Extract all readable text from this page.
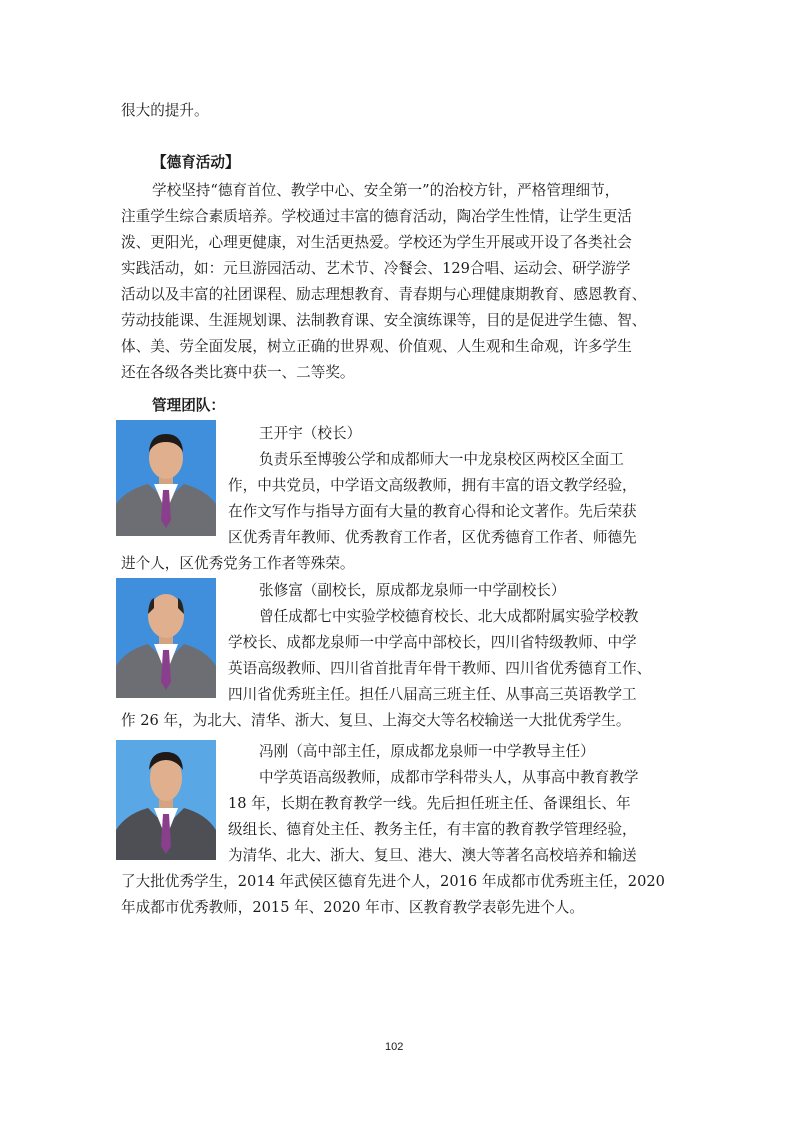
很大的提升。
【德育活动】
学校坚持“德育首位、教学中心、安全第一”的治校方针，严格管理细节，
注重学生综合素质培养。学校通过丰富的德育活动，陶冶学生性情，让学生更活
泼、更阳光，心理更健康，对生活更热爱。学校还为学生开展或开设了各类社会
实践活动，如：元旦游园活动、艺术节、冷餐会、129合唱、运动会、研学游学
活动以及丰富的社团课程、励志理想教育、青春期与心理健康期教育、感恩教育、
劳动技能课、生涯规划课、法制教育课、安全演练课等，目的是促进学生德、智、
体、美、劳全面发展，树立正确的世界观、价值观、人生观和生命观，许多学生
还在各级各类比赛中获一、二等奖。
管理团队：
王开宇（校长）
负责乐至博骏公学和成都师大一中龙泉校区两校区全面工
作，中共党员，中学语文高级教师，拥有丰富的语文教学经验，
在作文写作与指导方面有大量的教育心得和论文著作。先后荣获
区优秀青年教师、优秀教育工作者，区优秀德育工作者、师德先
进个人，区优秀党务工作者等殊荣。
张修富（副校长，原成都龙泉师一中学副校长）
曾任成都七中实验学校德育校长、北大成都附属实验学校教
学校长、成都龙泉师一中学高中部校长，四川省特级教师、中学
英语高级教师、四川省首批青年骨干教师、四川省优秀德育工作、
四川省优秀班主任。担任八届高三班主任、从事高三英语教学工
作 26 年，为北大、清华、浙大、复旦、上海交大等名校输送一大批优秀学生。
冯刚（高中部主任，原成都龙泉师一中学教导主任）
中学英语高级教师，成都市学科带头人，从事高中教育教学
18 年，长期在教育教学一线。先后担任班主任、备课组长、年
级组长、德育处主任、教务主任，有丰富的教育教学管理经验，
为清华、北大、浙大、复旦、港大、澳大等著名高校培养和输送
了大批优秀学生，2014 年武侯区德育先进个人，2016 年成都市优秀班主任，2020
年成都市优秀教师，2015 年、2020 年市、区教育教学表彰先进个人。
102
